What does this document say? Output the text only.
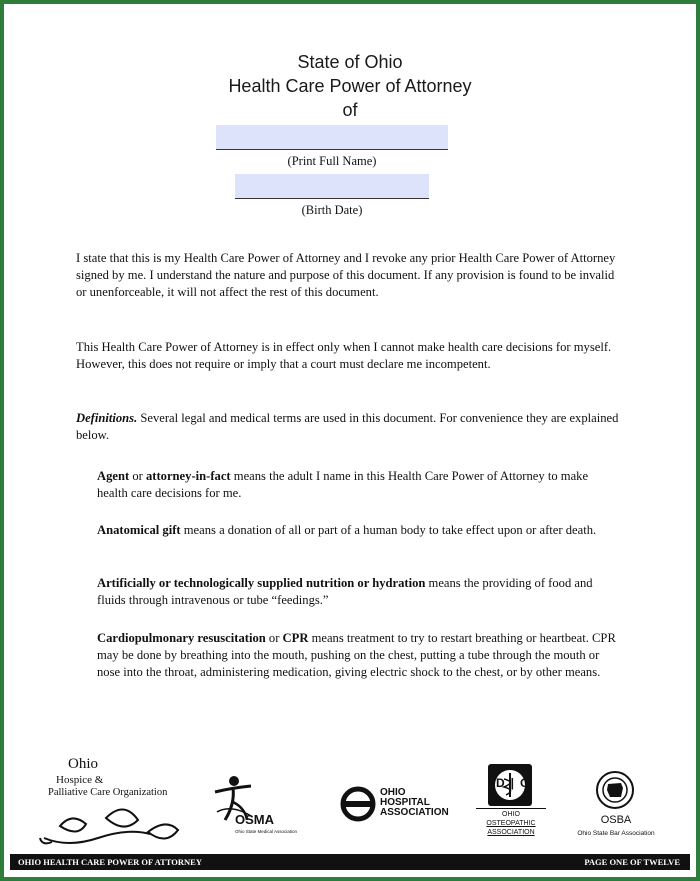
State of Ohio
Health Care Power of Attorney
of
(Print Full Name)
(Birth Date)

I state that this is my Health Care Power of Attorney and I revoke any prior Health Care Power of Attorney signed by me. I understand the nature and purpose of this document. If any provision is found to be invalid or unenforceable, it will not affect the rest of this document.

This Health Care Power of Attorney is in effect only when I cannot make health care decisions for myself. However, this does not require or imply that a court must declare me incompetent.

Definitions. Several legal and medical terms are used in this document. For convenience they are explained below.

Agent or attorney-in-fact means the adult I name in this Health Care Power of Attorney to make health care decisions for me.

Anatomical gift means a donation of all or part of a human body to take effect upon or after death.

Artificially or technologically supplied nutrition or hydration means the providing of food and fluids through intravenous or tube “feedings.”

Cardiopulmonary resuscitation or CPR means treatment to try to restart breathing or heartbeat. CPR may be done by breathing into the mouth, pushing on the chest, putting a tube through the mouth or nose into the throat, administering medication, giving electric shock to the chest, or by other means.

Ohio
Hospice &
Palliative Care Organization
OSMA
Ohio State Medical Association
OHIO
HOSPITAL
ASSOCIATION
D|O
OHIO
OSTEOPATHIC
ASSOCIATION
OSBA
Ohio State Bar Association
OHIO HEALTH CARE POWER OF ATTORNEY	PAGE ONE OF TWELVE
